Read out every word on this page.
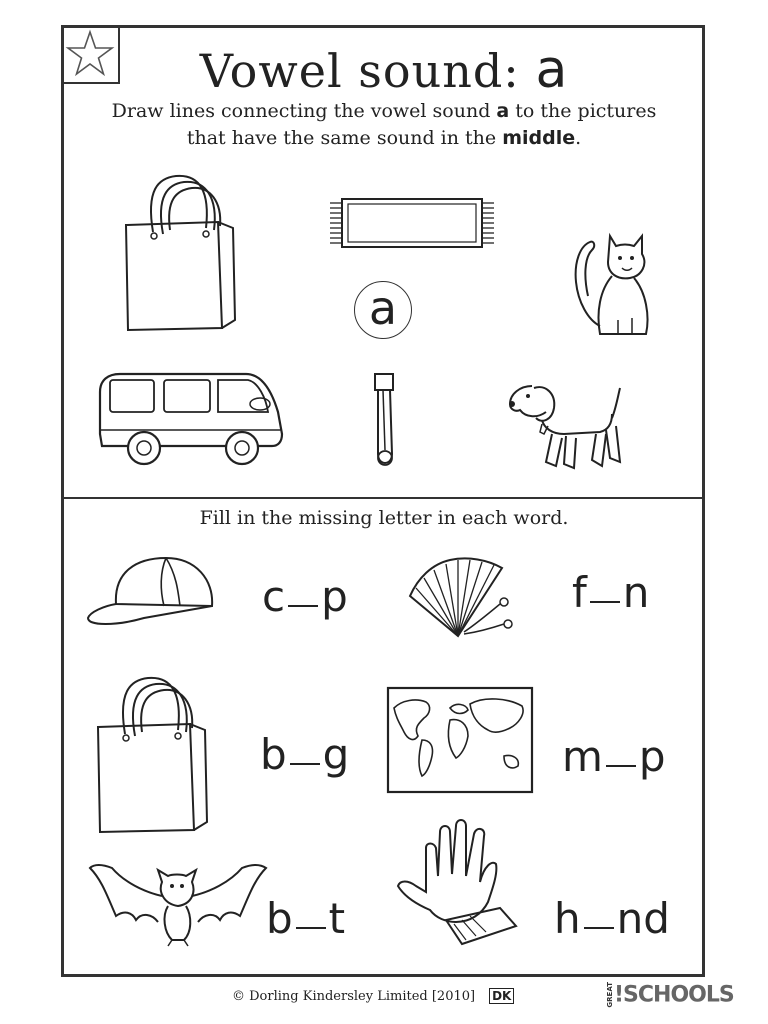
Vowel sound: a
Draw lines connecting the vowel sound a to the pictures
that have the same sound in the middle.
a
Fill in the missing letter in each word.
c p	f n
b g	m p
b t	h nd
© Dorling Kindersley Limited [2010] DK	GREAT!SCHOOLS
